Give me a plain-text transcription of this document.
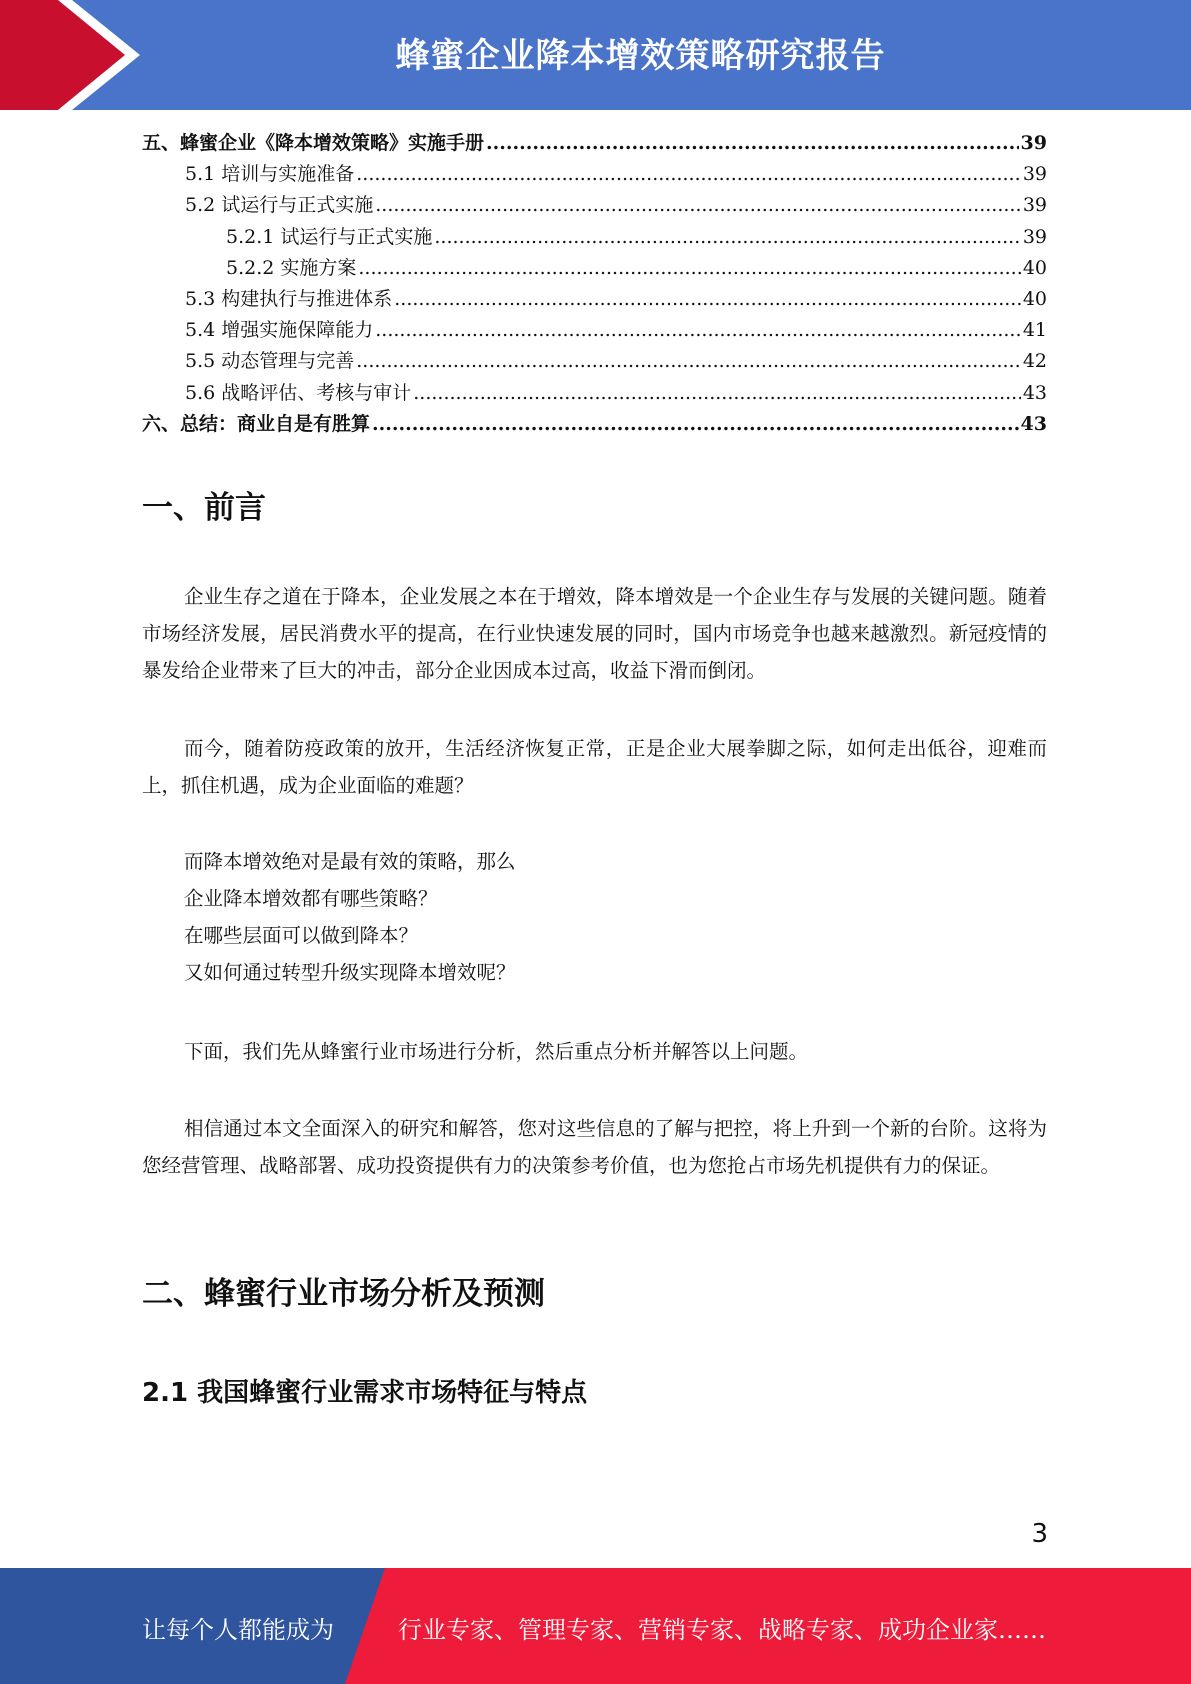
蜂蜜企业降本增效策略研究报告
五、蜂蜜企业《降本增效策略》实施手册 .....	39
5.1 培训与实施准备 .....	39
5.2 试运行与正式实施 .....	39
5.2.1 试运行与正式实施 .....	39
5.2.2 实施方案 .....	40
5.3 构建执行与推进体系 .....	40
5.4 增强实施保障能力 .....	41
5.5 动态管理与完善 .....	42
5.6 战略评估、考核与审计 .....	43
六、总结：商业自是有胜算 .....	43
一、前言

企业生存之道在于降本，企业发展之本在于增效，降本增效是一个企业生存与发展的关键问题。随着市场经济发展，居民消费水平的提高，在行业快速发展的同时，国内市场竞争也越来越激烈。新冠疫情的暴发给企业带来了巨大的冲击，部分企业因成本过高，收益下滑而倒闭。

而今，随着防疫政策的放开，生活经济恢复正常，正是企业大展拳脚之际，如何走出低谷，迎难而上，抓住机遇，成为企业面临的难题？

而降本增效绝对是最有效的策略，那么
企业降本增效都有哪些策略？
在哪些层面可以做到降本？
又如何通过转型升级实现降本增效呢？

下面，我们先从蜂蜜行业市场进行分析，然后重点分析并解答以上问题。

相信通过本文全面深入的研究和解答，您对这些信息的了解与把控，将上升到一个新的台阶。这将为您经营管理、战略部署、成功投资提供有力的决策参考价值，也为您抢占市场先机提供有力的保证。

二、蜂蜜行业市场分析及预测
2.1 我国蜂蜜行业需求市场特征与特点
3
让每个人都能成为	行业专家、管理专家、营销专家、战略专家、成功企业家……
